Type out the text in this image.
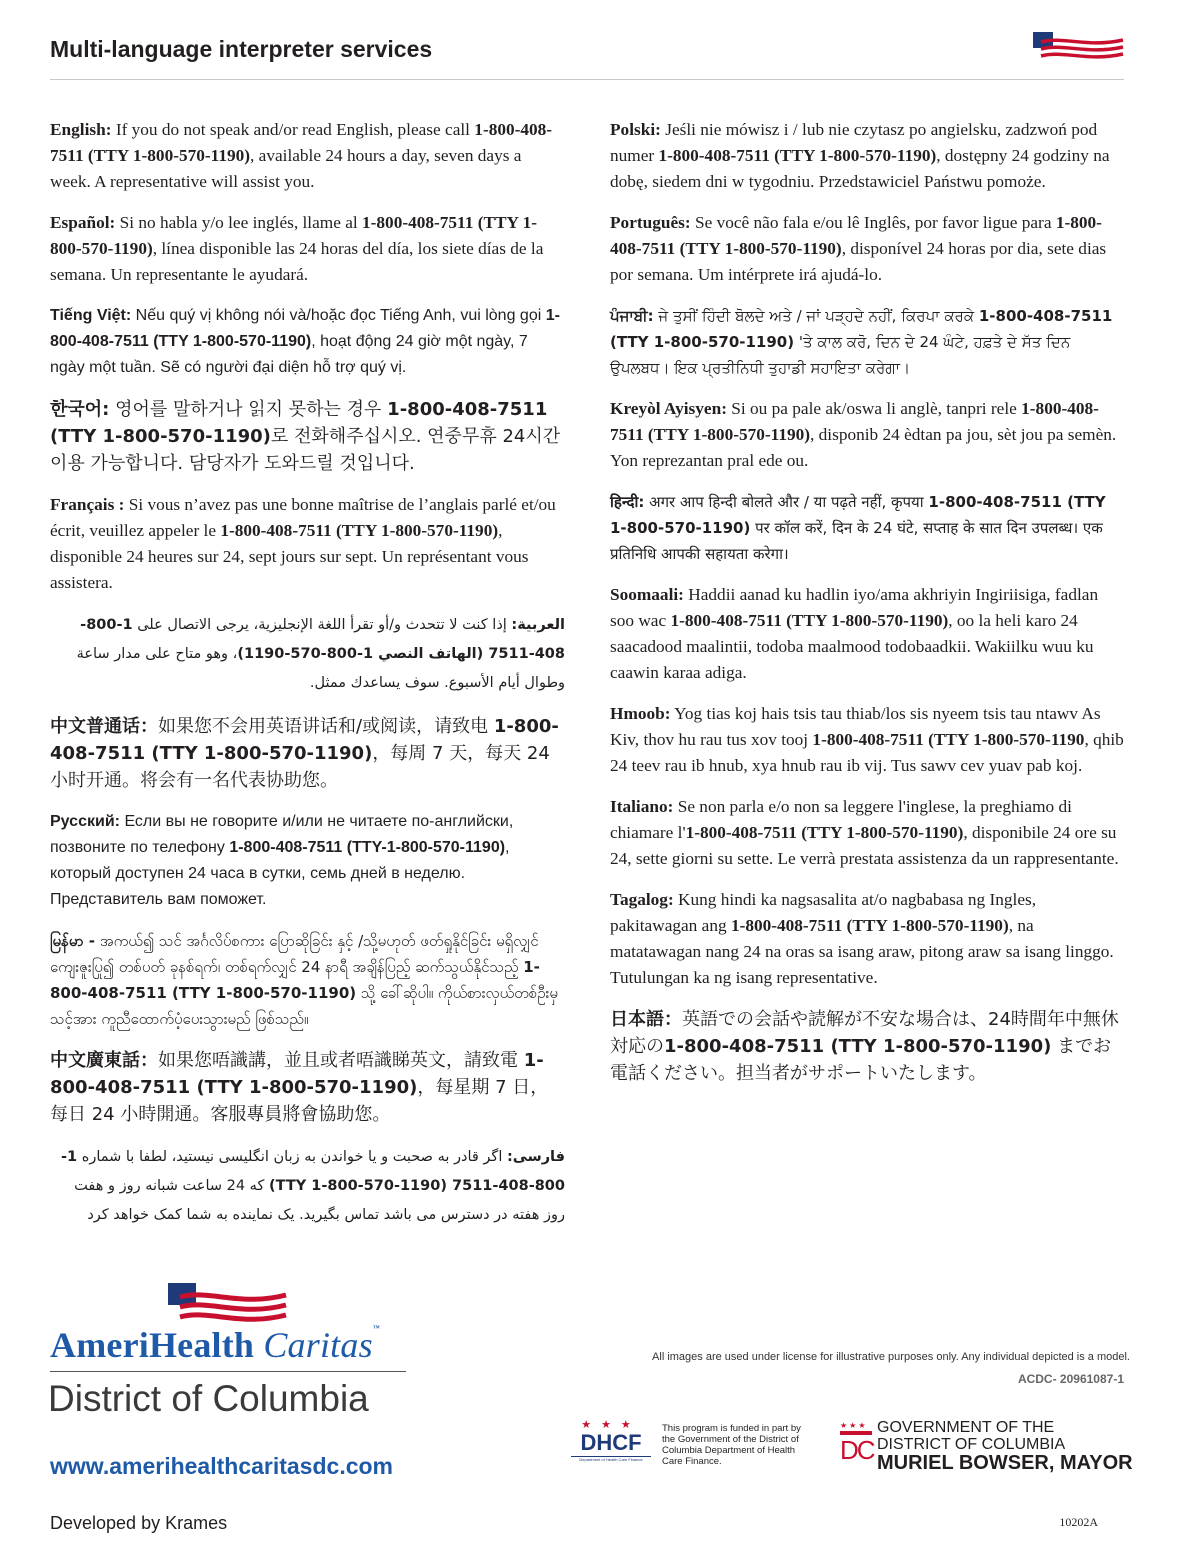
Multi-language interpreter services
English: If you do not speak and/or read English, please call 1-800-408-7511 (TTY 1-800-570-1190), available 24 hours a day, seven days a week. A representative will assist you.
Español: Si no habla y/o lee inglés, llame al 1-800-408-7511 (TTY 1-800-570-1190), línea disponible las 24 horas del día, los siete días de la semana. Un representante le ayudará.
Tiếng Việt: Nếu quý vị không nói và/hoặc đọc Tiếng Anh, vui lòng gọi 1-800-408-7511 (TTY 1-800-570-1190), hoạt động 24 giờ một ngày, 7 ngày một tuần. Sẽ có người đại diện hỗ trợ quý vị.
한국어: 영어를 말하거나 읽지 못하는 경우 1-800-408-7511 (TTY 1-800-570-1190)로 전화해주십시오. 연중무휴 24시간 이용 가능합니다. 담당자가 도와드릴 것입니다.
Français : Si vous n’avez pas une bonne maîtrise de l’anglais parlé et/ou écrit, veuillez appeler le 1-800-408-7511 (TTY 1-800-570-1190), disponible 24 heures sur 24, sept jours sur sept. Un représentant vous assistera.
العربية: إذا كنت لا تتحدث و/أو تقرأ اللغة الإنجليزية، يرجى الاتصال على 1-800-408-7511 (الهاتف النصي 1-800-570-1190)، وهو متاح على مدار ساعة وطوال أيام الأسبوع. سوف يساعدك ممثل.
中文普通话：如果您不会用英语讲话和/或阅读，请致电 1-800-408-7511 (TTY 1-800-570-1190)，每周 7 天，每天 24 小时开通。将会有一名代表协助您。
Русский: Если вы не говорите и/или не читаете по-английски, позвоните по телефону 1-800-408-7511 (TTY-1-800-570-1190), который доступен 24 часа в сутки, семь дней в неделю. Представитель вам поможет.
မြန်မာ - အကယ်၍ သင် အင်္ဂလိပ်စကား ပြောဆိုခြင်း နှင့် /သို့မဟုတ် ဖတ်ရှုနိုင်ခြင်း မရှိလျှင် ကျေးဇူးပြု၍ တစ်ပတ် ခုနစ်ရက်၊ တစ်ရက်လျှင် 24 နာရီ အချိန်ပြည့် ဆက်သွယ်နိုင်သည့် 1-800-408-7511 (TTY 1-800-570-1190) သို့ ခေါ်ဆိုပါ။ ကိုယ်စားလှယ်တစ်ဦးမှ သင့်အား ကူညီထောက်ပံ့ပေးသွားမည် ဖြစ်သည်။
中文廣東話：如果您唔識講，並且或者唔識睇英文，請致電 1-800-408-7511 (TTY 1-800-570-1190)，每星期 7 日，每日 24 小時開通。客服專員將會協助您。
فارسی: اگر قادر به صحبت و یا خواندن به زبان انگلیسی نیستید، لطفا با شماره 1-800-408-7511 (TTY 1-800-570-1190) که 24 ساعت شبانه روز و هفت روز هفته در دسترس می باشد تماس بگیرید. یک نماینده به شما کمک خواهد کرد
Polski: Jeśli nie mówisz i / lub nie czytasz po angielsku, zadzwoń pod numer 1-800-408-7511 (TTY 1-800-570-1190), dostępny 24 godziny na dobę, siedem dni w tygodniu. Przedstawiciel Państwu pomoże.
Português: Se você não fala e/ou lê Inglês, por favor ligue para 1-800-408-7511 (TTY 1-800-570-1190), disponível 24 horas por dia, sete dias por semana. Um intérprete irá ajudá-lo.
ਪੰਜਾਬੀ: ਜੇ ਤੁਸੀਂ ਹਿੰਦੀ ਬੋਲਦੇ ਅਤੇ / ਜਾਂ ਪੜ੍ਹਦੇ ਨਹੀਂ, ਕਿਰਪਾ ਕਰਕੇ 1-800-408-7511 (TTY 1-800-570-1190) 'ਤੇ ਕਾਲ ਕਰੋ, ਦਿਨ ਦੇ 24 ਘੰਟੇ, ਹਫ਼ਤੇ ਦੇ ਸੱਤ ਦਿਨ ਉਪਲਬਧ। ਇਕ ਪ੍ਰਤੀਨਿਧੀ ਤੁਹਾਡੀ ਸਹਾਇਤਾ ਕਰੇਗਾ।
Kreyòl Ayisyen: Si ou pa pale ak/oswa li anglè, tanpri rele 1-800-408-7511 (TTY 1-800-570-1190), disponib 24 èdtan pa jou, sèt jou pa semèn. Yon reprezantan pral ede ou.
हिन्दी: अगर आप हिन्दी बोलते और / या पढ़ते नहीं, कृपया 1-800-408-7511 (TTY 1-800-570-1190) पर कॉल करें, दिन के 24 घंटे, सप्ताह के सात दिन उपलब्ध। एक प्रतिनिधि आपकी सहायता करेगा।
Soomaali: Haddii aanad ku hadlin iyo/ama akhriyin Ingiriisiga, fadlan soo wac 1-800-408-7511 (TTY 1-800-570-1190), oo la heli karo 24 saacadood maalintii, todoba maalmood todobaadkii. Wakiilku wuu ku caawin karaa adiga.
Hmoob: Yog tias koj hais tsis tau thiab/los sis nyeem tsis tau ntawv As Kiv, thov hu rau tus xov tooj 1-800-408-7511 (TTY 1-800-570-1190, qhib 24 teev rau ib hnub, xya hnub rau ib vij. Tus sawv cev yuav pab koj.
Italiano: Se non parla e/o non sa leggere l'inglese, la preghiamo di chiamare l'1-800-408-7511 (TTY 1-800-570-1190), disponibile 24 ore su 24, sette giorni su sette. Le verrà prestata assistenza da un rappresentante.
Tagalog: Kung hindi ka nagsasalita at/o nagbabasa ng Ingles, pakitawagan ang 1-800-408-7511 (TTY 1-800-570-1190), na matatawagan nang 24 na oras sa isang araw, pitong araw sa isang linggo. Tutulungan ka ng isang representative.
日本語：英語での会話や読解が不安な場合は、24時間年中無休対応の1-800-408-7511 (TTY 1-800-570-1190) までお電話ください。担当者がサポートいたします。
AmeriHealth Caritas™
District of Columbia
www.amerihealthcaritasdc.com
Developed by Krames
All images are used under license for illustrative purposes only. Any individual depicted is a model.
ACDC- 20961087-1
★★★
DHCF
Department of Health Care Finance
This program is funded in part by the Government of the District of Columbia Department of Health Care Finance.
★★★
DC
GOVERNMENT OF THE
DISTRICT OF COLUMBIA
MURIEL BOWSER, MAYOR
10202A
